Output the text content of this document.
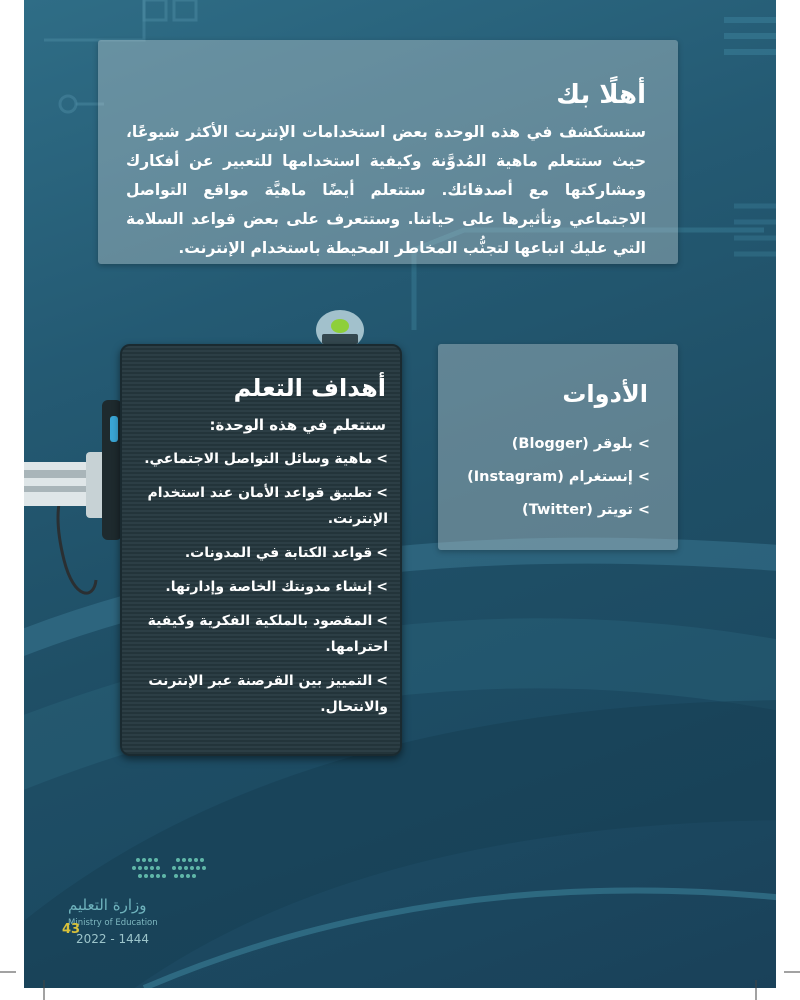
أهلًا بك

ستستكشف في هذه الوحدة بعض استخدامات الإنترنت الأكثر شيوعًا، حيث ستتعلم ماهية المُدوَّنة وكيفية استخدامها للتعبير عن أفكارك ومشاركتها مع أصدقائك. ستتعلم أيضًا ماهيَّة مواقع التواصل الاجتماعي وتأثيرها على حياتنا. وستتعرف على بعض قواعد السلامة التي عليك اتباعها لتجنُّب المخاطر المحيطة باستخدام الإنترنت.

الأدوات
> بلوقر (Blogger)
> إنستغرام (Instagram)
> تويتر (Twitter)
أهداف التعلم

ستتعلم في هذه الوحدة:

>ماهية وسائل التواصل الاجتماعي.
>تطبيق قواعد الأمان عند استخدام الإنترنت.
>قواعد الكتابة في المدونات.
>إنشاء مدونتك الخاصة وإدارتها.
>المقصود بالملكية الفكرية وكيفية احترامها.
>التمييز بين القرصنة عبر الإنترنت والانتحال.
وزارة التعليم
Ministry of Education
43
2022 - 1444
